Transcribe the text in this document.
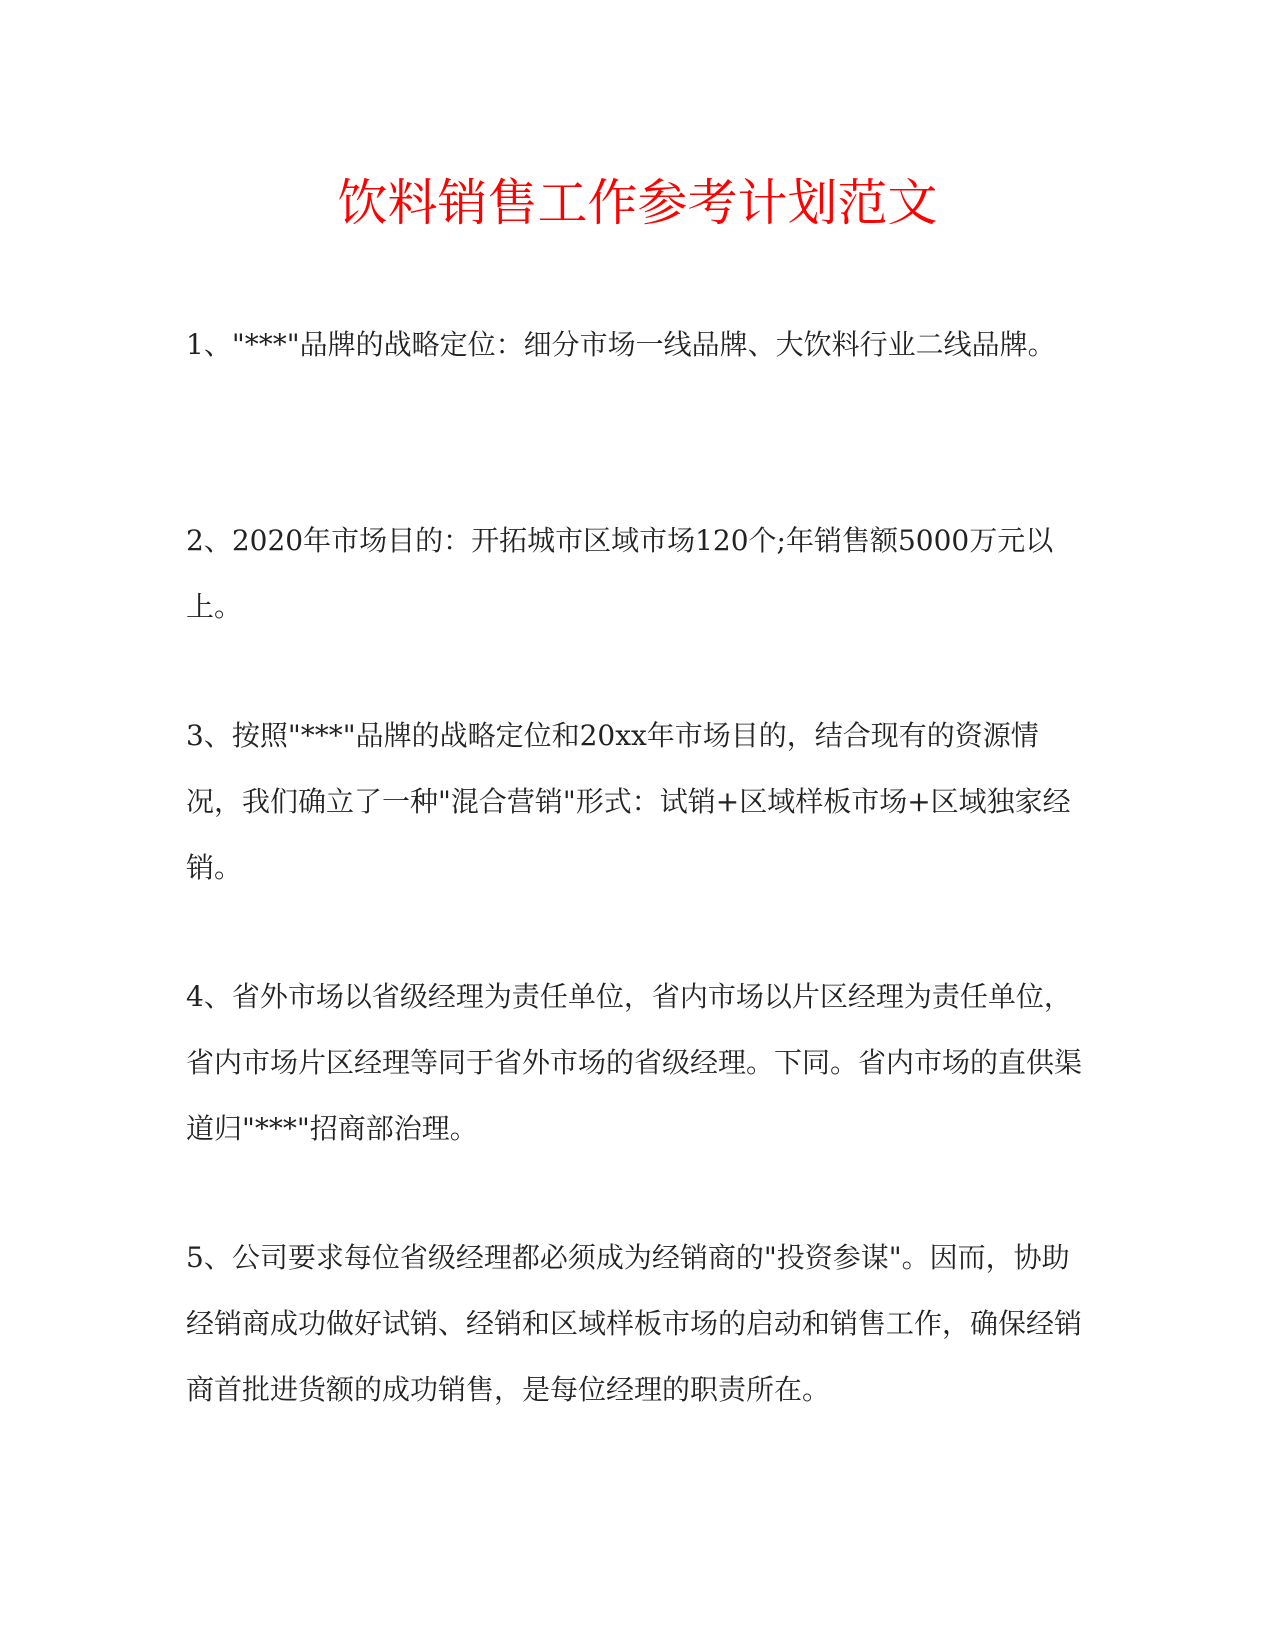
饮料销售工作参考计划范文

1、"***"品牌的战略定位：细分市场一线品牌、大饮料行业二线品牌。

2、2020年市场目的：开拓城市区域市场120个;年销售额5000万元以上。

3、按照"***"品牌的战略定位和20xx年市场目的，结合现有的资源情况，我们确立了一种"混合营销"形式：试销+区域样板市场+区域独家经销。

4、省外市场以省级经理为责任单位，省内市场以片区经理为责任单位，省内市场片区经理等同于省外市场的省级经理。下同。省内市场的直供渠道归"***"招商部治理。

5、公司要求每位省级经理都必须成为经销商的"投资参谋"。因而，协助经销商成功做好试销、经销和区域样板市场的启动和销售工作，确保经销商首批进货额的成功销售，是每位经理的职责所在。
